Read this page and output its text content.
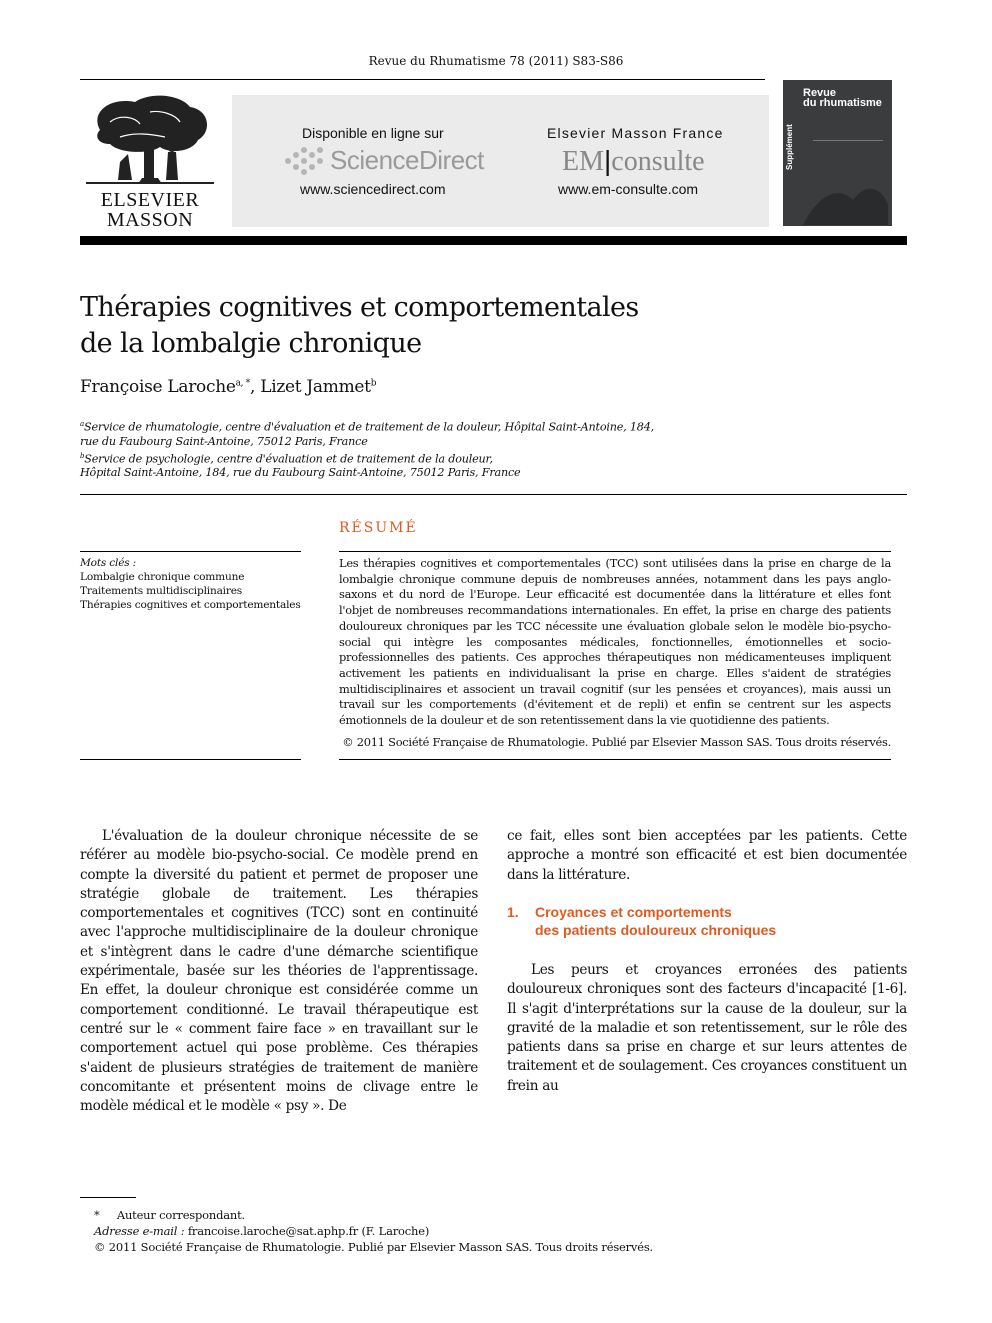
Revue du Rhumatisme 78 (2011) S83-S86
ELSEVIER
MASSON
Disponible en ligne sur
ScienceDirect
www.sciencedirect.com
Elsevier Masson France
EM|consulte
www.em-consulte.com
Revue
du rhumatisme
Supplément
Thérapies cognitives et comportementales
de la lombalgie chronique
Françoise Laroche$^{a, *}$, Lizet Jammet$^b$
$^a$Service de rhumatologie, centre d'évaluation et de traitement de la douleur, Hôpital Saint-Antoine, 184,
rue du Faubourg Saint-Antoine, 75012 Paris, France
$^b$Service de psychologie, centre d'évaluation et de traitement de la douleur,
Hôpital Saint-Antoine, 184, rue du Faubourg Saint-Antoine, 75012 Paris, France
RÉSUMÉ
Mots clés :
Lombalgie chronique commune
Traitements multidisciplinaires
Thérapies cognitives et comportementales
Les thérapies cognitives et comportementales (TCC) sont utilisées dans la prise en charge de la lombalgie chronique commune depuis de nombreuses années, notamment dans les pays anglo-saxons et du nord de l'Europe. Leur efficacité est documentée dans la littérature et elles font l'objet de nombreuses recommandations internationales. En effet, la prise en charge des patients douloureux chroniques par les TCC nécessite une évaluation globale selon le modèle bio-psycho-social qui intègre les composantes médicales, fonctionnelles, émotionnelles et socio-professionnelles des patients. Ces approches thérapeutiques non médicamenteuses impliquent activement les patients en individualisant la prise en charge. Elles s'aident de stratégies multidisciplinaires et associent un travail cognitif (sur les pensées et croyances), mais aussi un travail sur les comportements (d'évitement et de repli) et enfin se centrent sur les aspects émotionnels de la douleur et de son retentissement dans la vie quotidienne des patients.
© 2011 Société Française de Rhumatologie. Publié par Elsevier Masson SAS. Tous droits réservés.
L'évaluation de la douleur chronique nécessite de se référer au modèle bio-psycho-social. Ce modèle prend en compte la diversité du patient et permet de proposer une stratégie globale de traitement. Les thérapies comportementales et cognitives (TCC) sont en continuité avec l'approche multidisciplinaire de la douleur chronique et s'intègrent dans le cadre d'une démarche scientifique expérimentale, basée sur les théories de l'apprentissage. En effet, la douleur chronique est considérée comme un comportement conditionné. Le travail thérapeutique est centré sur le « comment faire face » en travaillant sur le comportement actuel qui pose problème. Ces thérapies s'aident de plusieurs stratégies de traitement de manière concomitante et présentent moins de clivage entre le modèle médical et le modèle « psy ». De
ce fait, elles sont bien acceptées par les patients. Cette approche a montré son efficacité et est bien documentée dans la littérature.
1. Croyances et comportements
des patients douloureux chroniques
Les peurs et croyances erronées des patients douloureux chroniques sont des facteurs d'incapacité [1-6]. Il s'agit d'interprétations sur la cause de la douleur, sur la gravité de la maladie et son retentissement, sur le rôle des patients dans sa prise en charge et sur leurs attentes de traitement et de soulagement. Ces croyances constituent un frein au
* Auteur correspondant.
Adresse e-mail : francoise.laroche@sat.aphp.fr (F. Laroche)
© 2011 Société Française de Rhumatologie. Publié par Elsevier Masson SAS. Tous droits réservés.
